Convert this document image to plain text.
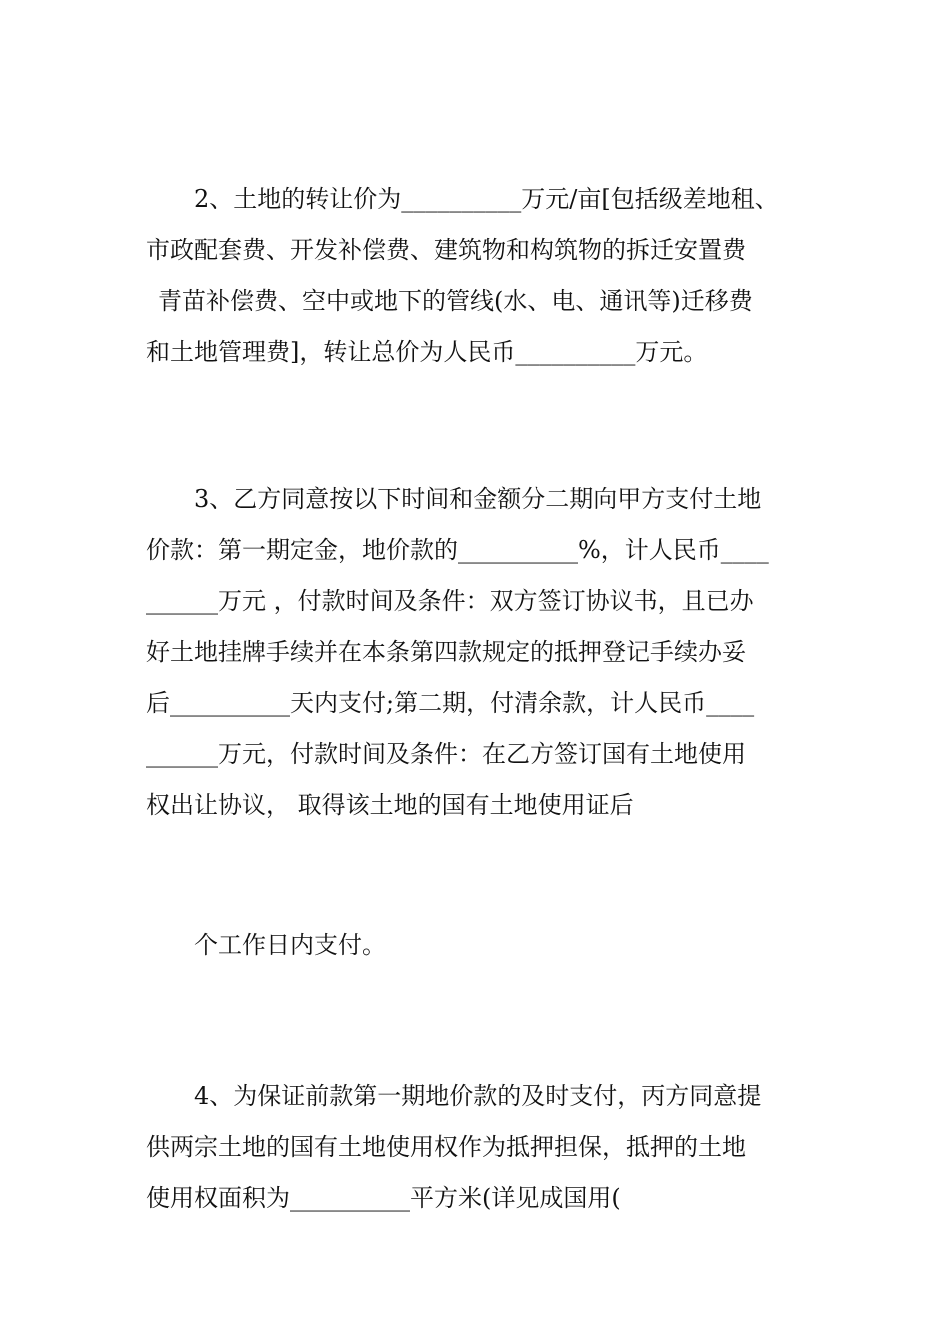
2、土地的转让价为__________万元/亩[包括级差地租、
市政配套费、开发补偿费、建筑物和构筑物的拆迁安置费
青苗补偿费、空中或地下的管线(水、电、通讯等)迁移费
和土地管理费]，转让总价为人民币__________万元。
3、乙方同意按以下时间和金额分二期向甲方支付土地
价款：第一期定金，地价款的__________%，计人民币____
______万元 ，付款时间及条件：双方签订协议书，且已办
好土地挂牌手续并在本条第四款规定的抵押登记手续办妥
后__________天内支付;第二期，付清余款，计人民币____
______万元，付款时间及条件：在乙方签订国有土地使用
权出让协议， 取得该土地的国有土地使用证后
个工作日内支付。
4、为保证前款第一期地价款的及时支付，丙方同意提
供两宗土地的国有土地使用权作为抵押担保，抵押的土地
使用权面积为__________平方米(详见成国用(
